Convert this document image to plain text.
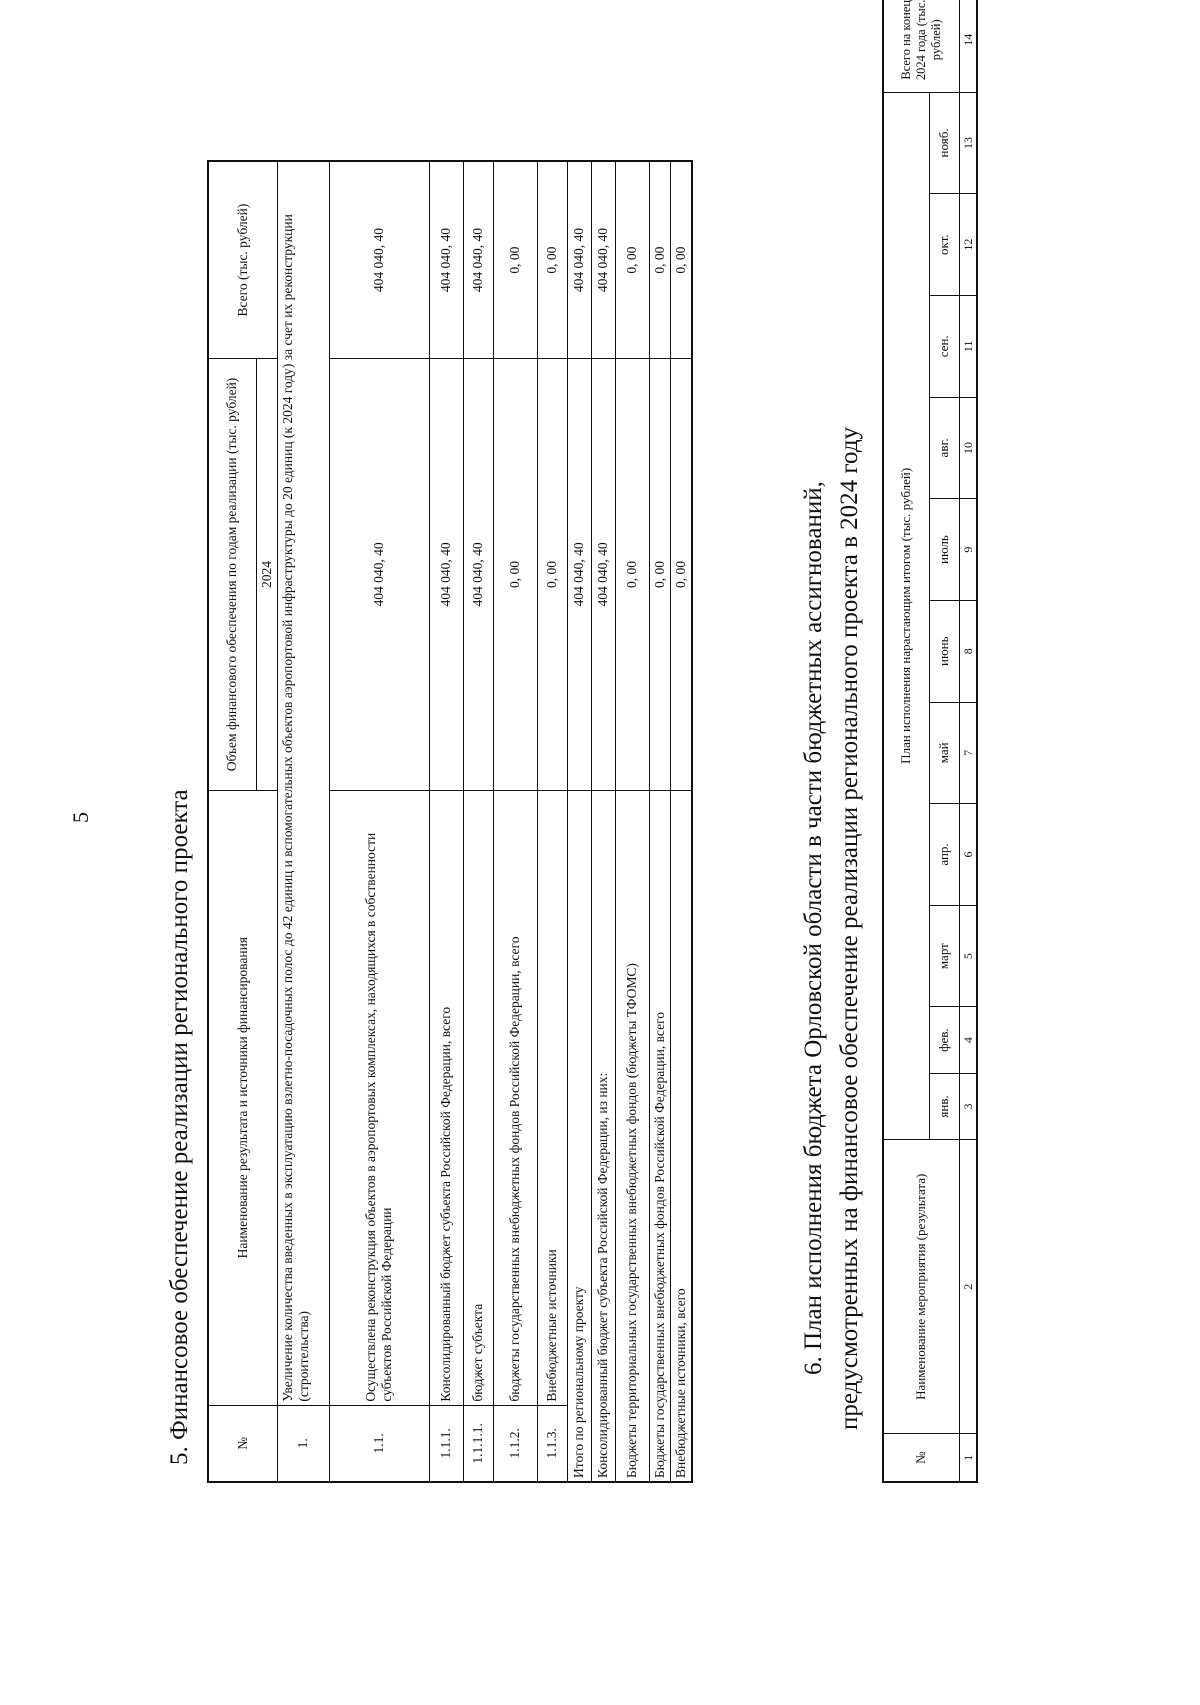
5	5. Финансовое обеспечение реализации регионального проекта	№	Наименование результата и источники финансирования	Объем финансового обеспечения по годам реализации (тыс. рублей)	Всего (тыс. рублей)
		2024	
1.	Увеличение количества введенных в эксплуатацию взлетно-посадочных полос до 42 единиц и вспомогательных объектов аэропортовой инфраструктуры до 20 единиц (к 2024 году) за счет их реконструкции (строительства)		
1.1.	Осуществлена реконструкция объектов в аэропортовых комплексах, находящихся в собственности субъектов Российской Федерации	404 040, 40	404 040, 40
1.1.1.	Консолидированный бюджет субъекта Российской Федерации, всего	404 040, 40	404 040, 40
1.1.1.1.	бюджет субъекта	404 040, 40	404 040, 40
1.1.2.	бюджеты государственных внебюджетных фондов Российской Федерации, всего	0, 00	0, 00
1.1.3.	Внебюджетные источники	0, 00	0, 00
Итого по региональному проекту		404 040, 40	404 040, 40
Консолидированный бюджет субъекта Российской Федерации, из них:		404 040, 40	404 040, 40
Бюджеты территориальных государственных внебюджетных фондов (бюджеты ТФОМС)		0, 00	0, 00
Бюджеты государственных внебюджетных фондов Российской Федерации, всего		0, 00	0, 00
Внебюджетные источники, всего		0, 00	0, 00
6. План исполнения бюджета Орловской области в части бюджетных ассигнований, предусмотренных на финансовое обеспечение реализации регионального проекта в 2024 году
№	Наименование мероприятия (результата)	План исполнения нарастающим итогом (тыс. рублей)											Всего на конец 2024 года (тыс. рублей)
		янв.	фев.	март	апр.	май	июнь	июль	авг.	сен.	окт.	нояб.	
1	2	3	4	5	6	7	8	9	10	11	12	13	14
